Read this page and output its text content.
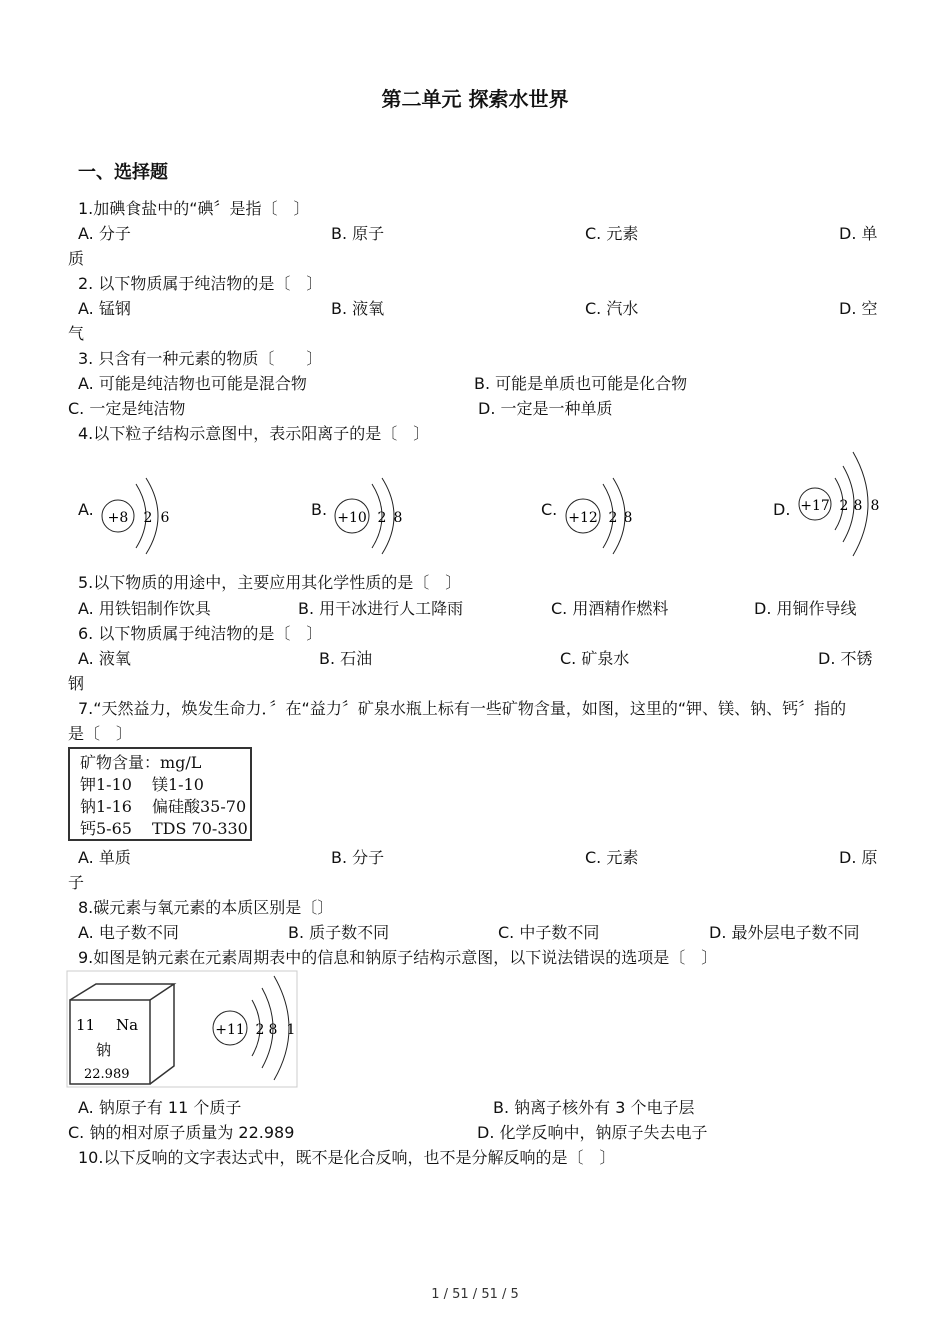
第二单元 探索水世界
一、选择题
1.加碘食盐中的“碘〞是指〔　〕
A. 分子	B. 原子	C. 元素	D. 单
质
2. 以下物质属于纯洁物的是〔　〕
A. 锰钢	B. 液氧	C. 汽水	D. 空
气
3. 只含有一种元素的物质〔　　〕
A. 可能是纯洁物也可能是混合物	B. 可能是单质也可能是化合物
C. 一定是纯洁物	D. 一定是一种单质
4.以下粒子结构示意图中，表示阳离子的是〔　〕
A. +8 2 6	B. +10 2 8	C. +12 2 8	D. +17 2 8 8
5.以下物质的用途中，主要应用其化学性质的是〔　〕
A. 用铁铝制作饮具	B. 用干冰进行人工降雨	C. 用酒精作燃料	D. 用铜作导线
6. 以下物质属于纯洁物的是〔　〕
A. 液氧	B. 石油	C. 矿泉水	D. 不锈
钢
7.“天然益力，焕发生命力．〞在“益力〞矿泉水瓶上标有一些矿物含量，如图，这里的“钾、镁、钠、钙〞指的
是〔　〕
矿物含量：mg/L
钾1-10 镁1-10
钠1-16 偏硅酸35-70
钙5-65 TDS 70-330
A. 单质	B. 分子	C. 元素	D. 原
子
8.碳元素与氧元素的本质区别是〔〕
A. 电子数不同	B. 质子数不同	C. 中子数不同	D. 最外层电子数不同
9.如图是钠元素在元素周期表中的信息和钠原子结构示意图，以下说法错误的选项是〔　〕
11 Na
钠
22.989
+11 2 8 1
A. 钠原子有 11 个质子	B. 钠离子核外有 3 个电子层
C. 钠的相对原子质量为 22.989	D. 化学反响中，钠原子失去电子
10.以下反响的文字表达式中，既不是化合反响，也不是分解反响的是〔　〕
1 / 51 / 51 / 5
